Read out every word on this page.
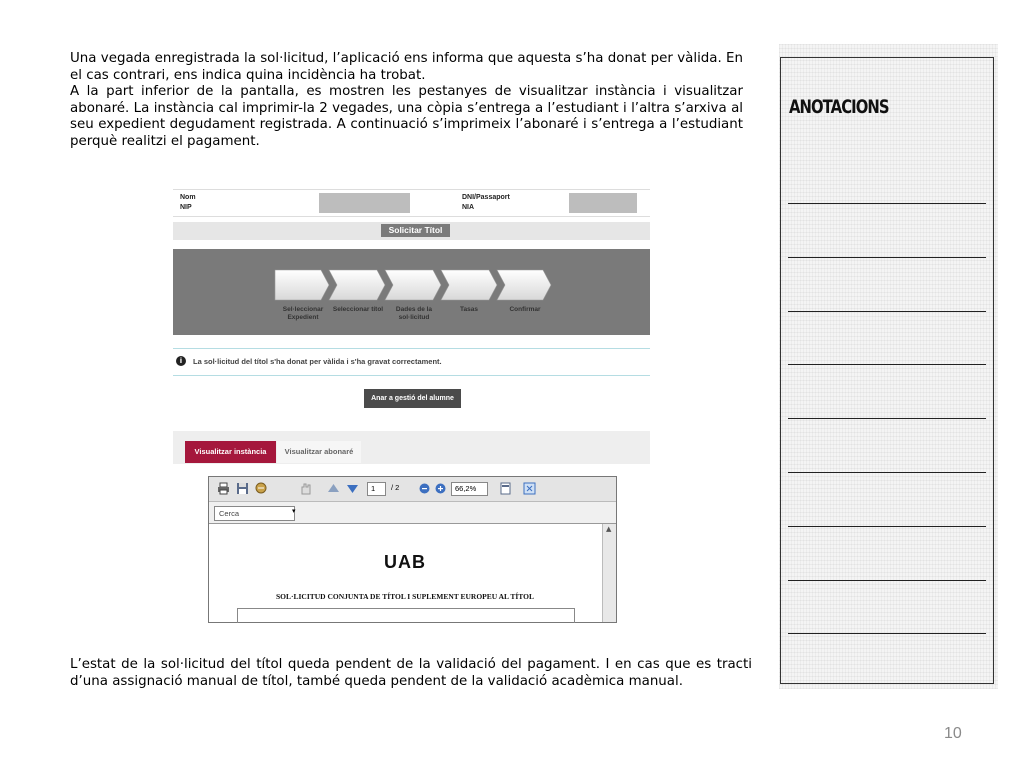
Una vegada enregistrada la sol·licitud, l’aplicació ens informa que aquesta s’ha donat per vàlida. En el cas contrari, ens indica quina incidència ha trobat.

A la part inferior de la pantalla, es mostren les pestanyes de visualitzar instància i visualitzar abonaré. La instància cal imprimir-la 2 vegades, una còpia s’entrega a l’estudiant i l’altra s’arxiva al seu expedient degudament registrada. A continuació s’imprimeix l’abonaré i s’entrega a l’estudiant perquè realitzi el pagament.

Nom
NIP
DNI/Passaport
NIA
Solicitar Títol
Sel·leccionar Expedient
Seleccionar títol	Dades de la sol·licitud
Tasas	Confirmar
i	La sol·licitud del títol s'ha donat per vàlida i s'ha gravat correctament.
Anar a gestió del alumne
Visualitzar instància	Visualitzar abonaré
1	/ 2	66,2%
Cerca	▾
UAB
SOL·LICITUD CONJUNTA DE TÍTOL I SUPLEMENT EUROPEU AL TÍTOL
▲

L’estat de la sol·licitud del títol queda pendent de la validació del pagament. I en cas que es tracti d’una assignació manual de títol, també queda pendent de la validació acadèmica manual.

ANOTACIONS
10
